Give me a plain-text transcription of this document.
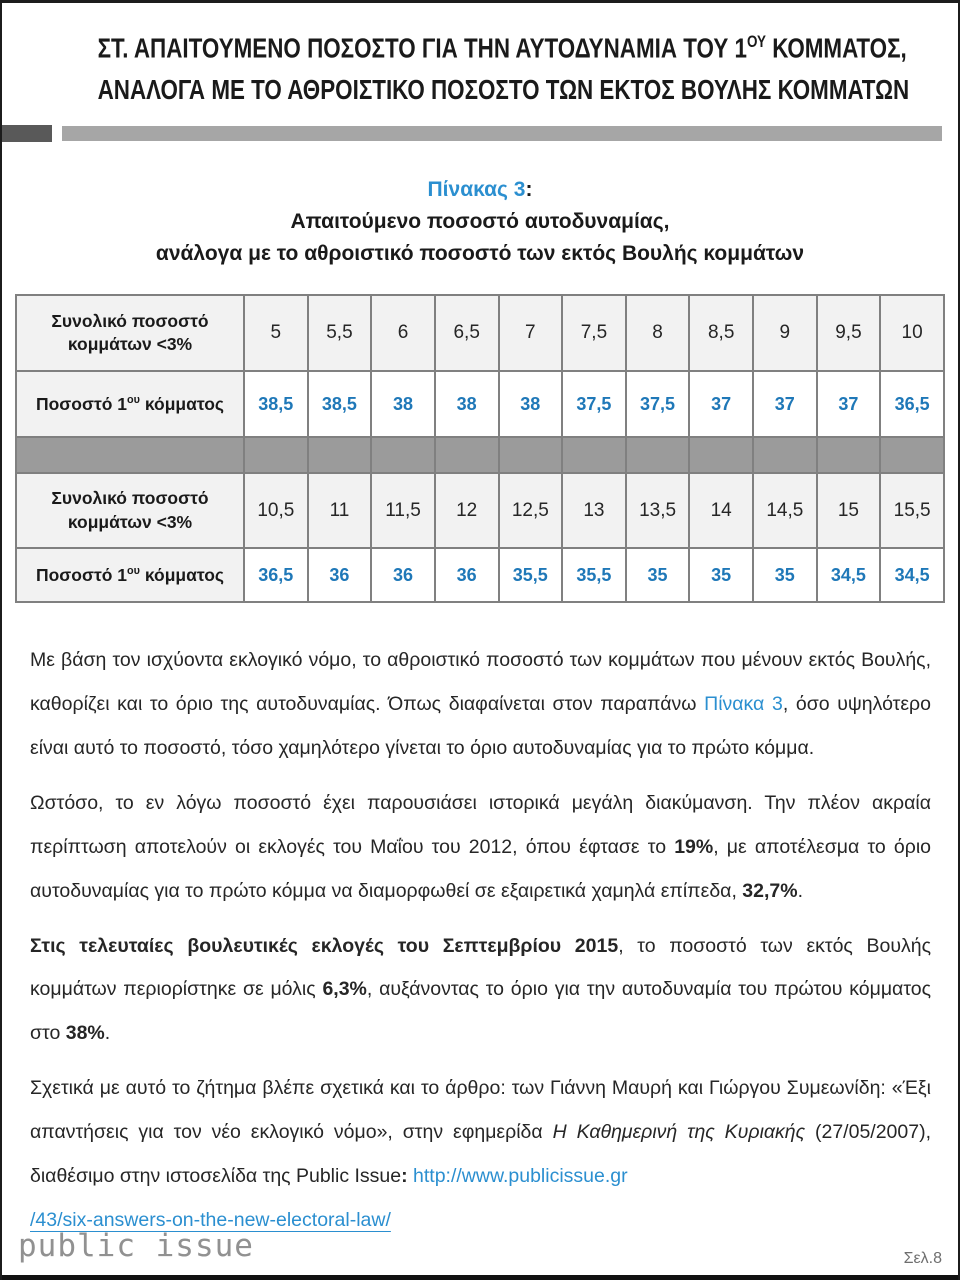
ΣΤ. ΑΠΑΙΤΟΥΜΕΝΟ ΠΟΣΟΣΤΟ ΓΙΑ ΤΗΝ ΑΥΤΟΔΥΝΑΜΙΑ ΤΟΥ $1^{O\Upsilon}$ ΚΟΜΜΑΤΟΣ,
ΑΝΑΛΟΓΑ ΜΕ ΤΟ ΑΘΡΟΙΣΤΙΚΟ ΠΟΣΟΣΤΟ ΤΩΝ ΕΚΤΟΣ ΒΟΥΛΗΣ ΚΟΜΜΑΤΩΝ
Πίνακας 3:
Απαιτούμενο ποσοστό αυτοδυναμίας,
ανάλογα με το αθροιστικό ποσοστό των εκτός Βουλής κομμάτων
Συνολικό ποσοστό κομμάτων <3%	5	5,5	6	6,5	7	7,5	8	8,5	9	9,5	10
Ποσοστό $1^{o\upsilon}$ κόμματος	38,5	38,5	38	38	38	37,5	37,5	37	37	37	36,5

Συνολικό ποσοστό κομμάτων <3%	10,5	11	11,5	12	12,5	13	13,5	14	14,5	15	15,5
Ποσοστό $1^{o\upsilon}$ κόμματος	36,5	36	36	36	35,5	35,5	35	35	35	34,5	34,5

Με βάση τον ισχύοντα εκλογικό νόμο, το αθροιστικό ποσοστό των κομμάτων που μένουν εκτός Βουλής, καθορίζει και το όριο της αυτοδυναμίας. Όπως διαφαίνεται στον παραπάνω Πίνακα 3, όσο υψηλότερο είναι αυτό το ποσοστό, τόσο χαμηλότερο γίνεται το όριο αυτοδυναμίας για το πρώτο κόμμα.

Ωστόσο, το εν λόγω ποσοστό έχει παρουσιάσει ιστορικά μεγάλη διακύμανση. Την πλέον ακραία περίπτωση αποτελούν οι εκλογές του Μαΐου του 2012, όπου έφτασε το 19%, με αποτέλεσμα το όριο αυτοδυναμίας για το πρώτο κόμμα να διαμορφωθεί σε εξαιρετικά χαμηλά επίπεδα, 32,7%.

Στις τελευταίες βουλευτικές εκλογές του Σεπτεμβρίου 2015, το ποσοστό των εκτός Βουλής κομμάτων περιορίστηκε σε μόλις 6,3%, αυξάνοντας το όριο για την αυτοδυναμία του πρώτου κόμματος στο 38%.

Σχετικά με αυτό το ζήτημα βλέπε σχετικά και το άρθρο: των Γιάννη Μαυρή και Γιώργου Συμεωνίδη: «Έξι απαντήσεις για τον νέο εκλογικό νόμο», στην εφημερίδα Η Καθημερινή της Κυριακής (27/05/2007), διαθέσιμο στην ιστοσελίδα της Public Issue: http://www.publicissue.gr
/43/six-answers-on-the-new-electoral-law/

public issue	Σελ.8
